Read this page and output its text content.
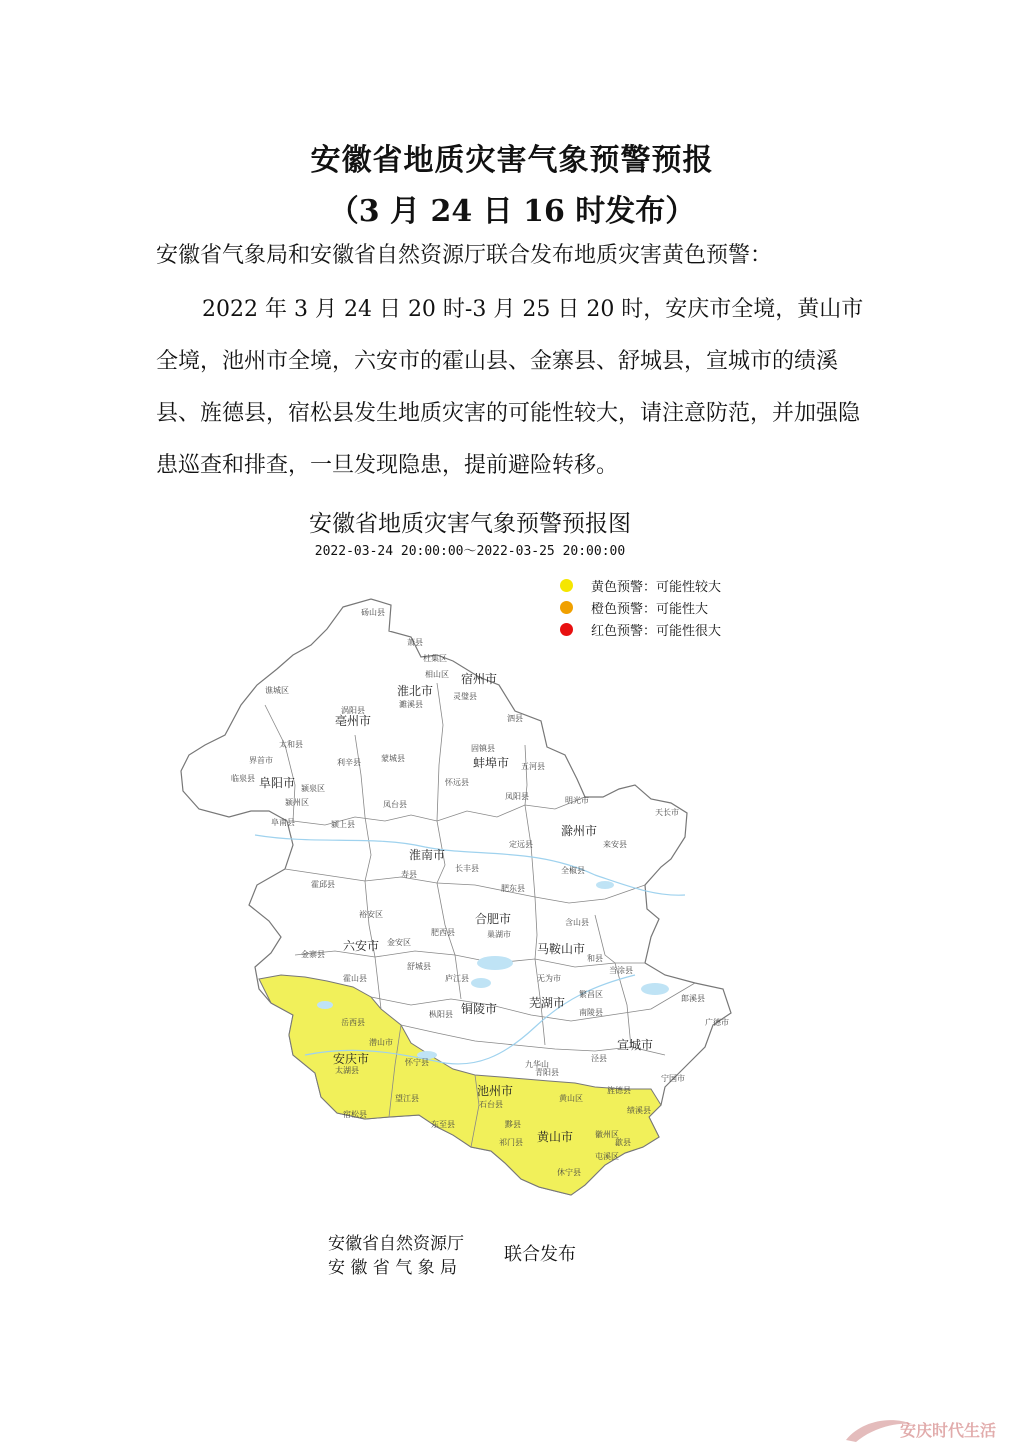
安徽省地质灾害气象预警预报
（3 月 24 日 16 时发布）
安徽省气象局和安徽省自然资源厅联合发布地质灾害黄色预警：
2022 年 3 月 24 日 20 时-3 月 25 日 20 时，安庆市全境，黄山市全境，池州市全境，六安市的霍山县、金寨县、舒城县，宣城市的绩溪县、旌德县，宿松县发生地质灾害的可能性较大，请注意防范，并加强隐患巡查和排查，一旦发现隐患，提前避险转移。
安徽省地质灾害气象预警预报图
2022-03-24 20:00:00～2022-03-25 20:00:00
宿州市
淮北市
亳州市
阜阳市
蚌埠市
淮南市
滁州市
合肥市
六安市	马鞍山市
芜湖市
铜陵市
宣城市
安庆市
池州市
黄山市
砀山县
萧县
杜集区
相山区
濉溪县
灵璧县
泗县
谯城区
涡阳县
蒙城县
利辛县
太和县
界首市
临泉县
颍泉区
颍州区
阜南县	颍上县
凤台县
寿县
怀远县
固镇县
五河县
明光市
天长市
定远县
凤阳县
来安县
全椒县
长丰县
肥东县
肥西县
庐江县
巢湖市
含山县
和县
霍邱县
金安区
裕安区
舒城县
金寨县
霍山县
岳西县
潜山市
太湖县
宿松县
望江县
怀宁县
枞阳县
无为市
南陵县
繁昌区
泾县
宁国市
广德市
郎溪县
旌德县
绩溪县
歙县
休宁县
祁门县
黟县
石台县
东至县
青阳县
黄山区
徽州区
屯溪区
九华山
当涂县
黄色预警：可能性较大
橙色预警：可能性大
红色预警：可能性很大
安徽省自然资源厅
安 徽 省 气 象 局
联合发布
安庆时代生活
